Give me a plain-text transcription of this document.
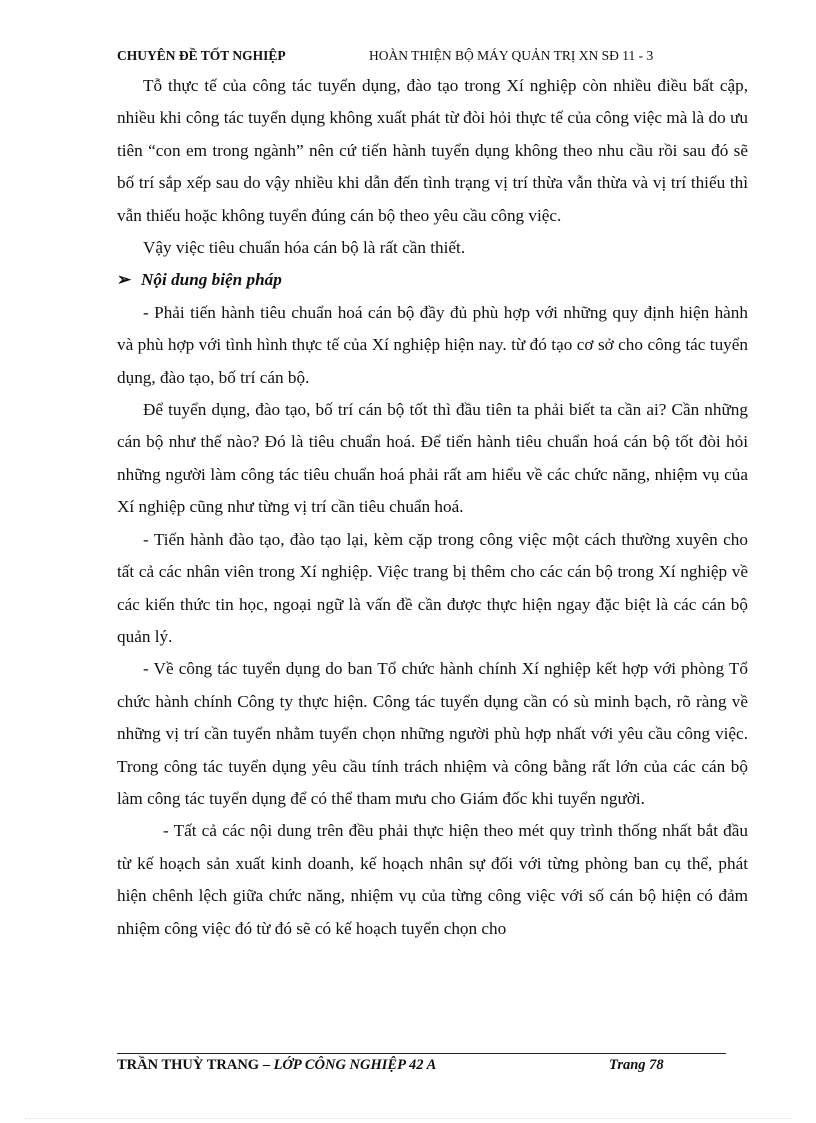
CHUYÊN ĐỀ TỐT NGHIỆP	HOÀN THIỆN BỘ MÁY QUẢN TRỊ XN SĐ 11 - 3

Tỗ thực tế của công tác tuyển dụng, đào tạo trong Xí nghiệp còn nhiều điều bất cập, nhiều khi công tác tuyển dụng không xuất phát từ đòi hỏi thực tế của công việc mà là do ưu tiên “con em trong ngành” nên cứ tiến hành tuyển dụng không theo nhu cầu rồi sau đó sẽ bố trí sắp xếp sau do vậy nhiều khi dẫn đến tình trạng vị trí thừa vẫn thừa và vị trí thiếu thì vẫn thiếu hoặc không tuyển đúng cán bộ theo yêu cầu công việc.

Vậy việc tiêu chuẩn hóa cán bộ là rất cần thiết.

➢ Nội dung biện pháp

- Phải tiến hành tiêu chuẩn hoá cán bộ đầy đủ phù hợp với những quy định hiện hành và phù hợp với tình hình thực tế của Xí nghiệp hiện nay. từ đó tạo cơ sở cho công tác tuyển dụng, đào tạo, bố trí cán bộ.

Để tuyển dụng, đào tạo, bố trí cán bộ tốt thì đầu tiên ta phải biết ta cần ai? Cần những cán bộ như thế nào? Đó là tiêu chuẩn hoá. Để tiến hành tiêu chuẩn hoá cán bộ tốt đòi hỏi những người làm công tác tiêu chuẩn hoá phải rất am hiểu về các chức năng, nhiệm vụ của Xí nghiệp cũng như từng vị trí cần tiêu chuẩn hoá.

- Tiến hành đào tạo, đào tạo lại, kèm cặp trong công việc một cách thường xuyên cho tất cả các nhân viên trong Xí nghiệp. Việc trang bị thêm cho các cán bộ trong Xí nghiệp về các kiến thức tin học, ngoại ngữ là vấn đề cần được thực hiện ngay đặc biệt là các cán bộ quản lý.

- Về công tác tuyển dụng do ban Tổ chức hành chính Xí nghiệp kết hợp với phòng Tổ chức hành chính Công ty thực hiện. Công tác tuyển dụng cần có sù minh bạch, rõ ràng về những vị trí cần tuyển nhằm tuyển chọn những người phù hợp nhất với yêu cầu công việc. Trong công tác tuyển dụng yêu cầu tính trách nhiệm và công bằng rất lớn của các cán bộ làm công tác tuyển dụng để có thể tham mưu cho Giám đốc khi tuyển người.

- Tất cả các nội dung trên đều phải thực hiện theo mét quy trình thống nhất bắt đầu từ kế hoạch sản xuất kinh doanh, kế hoạch nhân sự đối với từng phòng ban cụ thể, phát hiện chênh lệch giữa chức năng, nhiệm vụ của từng công việc với số cán bộ hiện có đảm nhiệm công việc đó từ đó sẽ có kế hoạch tuyển chọn cho

TRẦN THUỲ TRANG – LỚP CÔNG NGHIỆP 42 A	Trang 78
